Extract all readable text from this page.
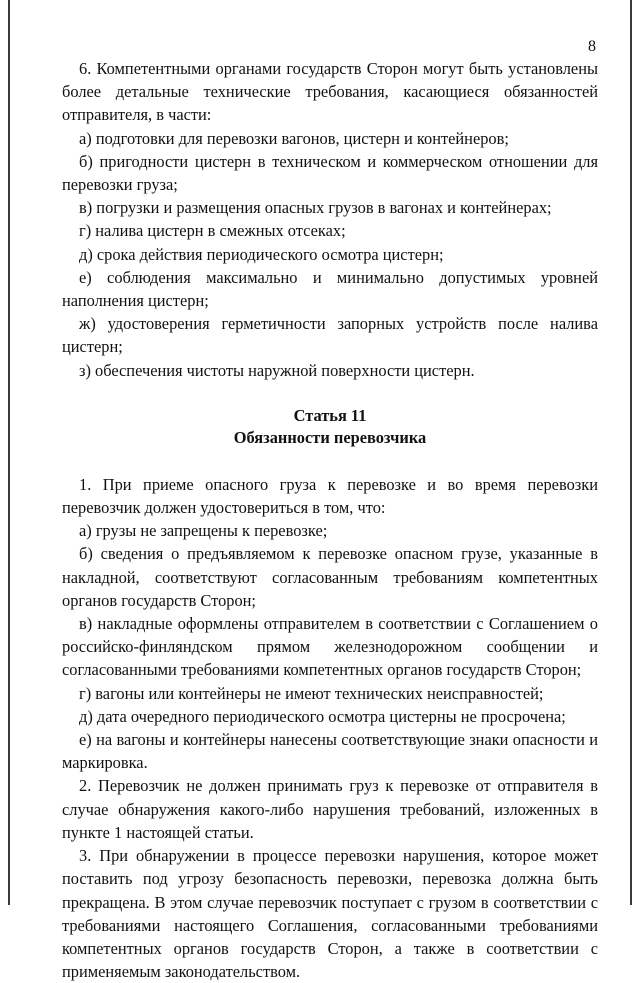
8

6. Компетентными органами государств Сторон могут быть установлены более детальные технические требования, касающиеся обязанностей отправителя, в части:

а) подготовки для перевозки вагонов, цистерн и контейнеров;

б) пригодности цистерн в техническом и коммерческом отношении для перевозки груза;

в) погрузки и размещения опасных грузов в вагонах и контейнерах;

г) налива цистерн в смежных отсеках;

д) срока действия периодического осмотра цистерн;

е) соблюдения максимально и минимально допустимых уровней наполнения цистерн;

ж) удостоверения герметичности запорных устройств после налива цистерн;

з) обеспечения чистоты наружной поверхности цистерн.

Статья 11
Обязанности перевозчика

1. При приеме опасного груза к перевозке и во время перевозки перевозчик должен удостовериться в том, что:

а) грузы не запрещены к перевозке;

б) сведения о предъявляемом к перевозке опасном грузе, указанные в накладной, соответствуют согласованным требованиям компетентных органов государств Сторон;

в) накладные оформлены отправителем в соответствии с Соглашением о российско-финляндском прямом железнодорожном сообщении и согласованными требованиями компетентных органов государств Сторон;

г) вагоны или контейнеры не имеют технических неисправностей;

д) дата очередного периодического осмотра цистерны не просрочена;

е) на вагоны и контейнеры нанесены соответствующие знаки опасности и маркировка.

2. Перевозчик не должен принимать груз к перевозке от отправителя в случае обнаружения какого-либо нарушения требований, изложенных в пункте 1 настоящей статьи.

3. При обнаружении в процессе перевозки нарушения, которое может поставить под угрозу безопасность перевозки, перевозка должна быть прекращена. В этом случае перевозчик поступает с грузом в соответствии с требованиями настоящего Соглашения, согласованными требованиями компетентных органов государств Сторон, а также в соответствии с применяемым законодательством.
